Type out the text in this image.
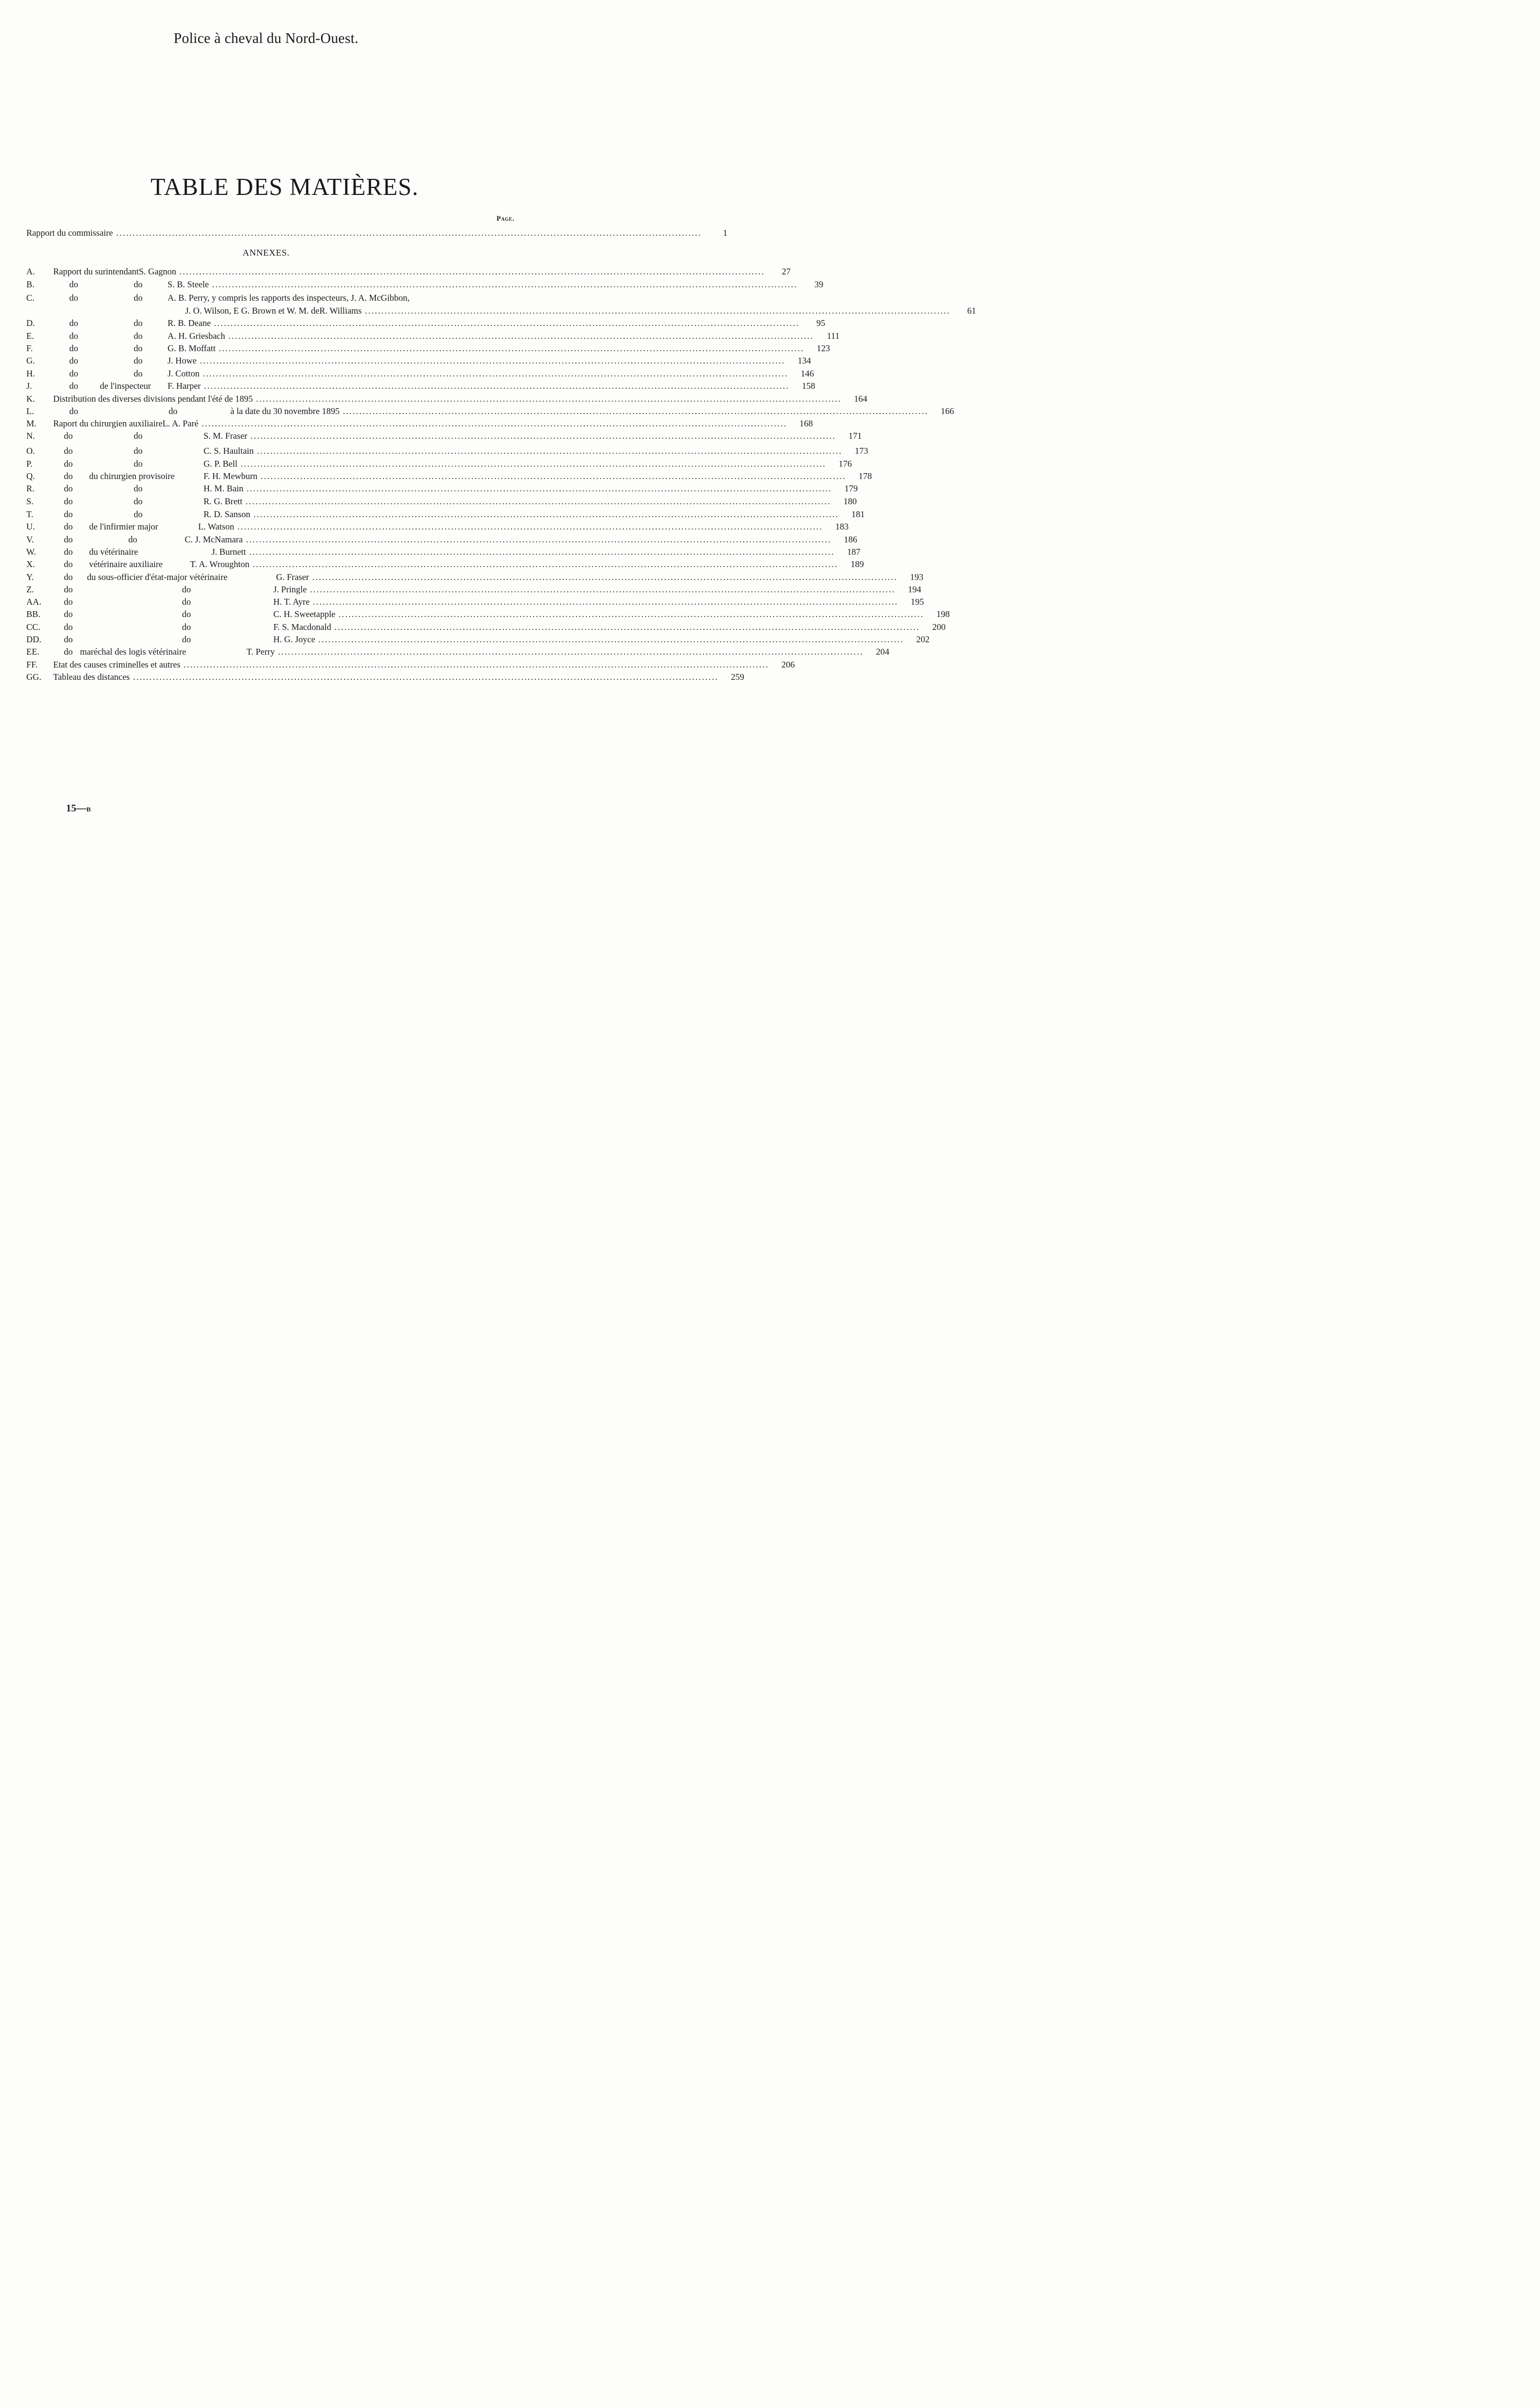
Police à cheval du Nord-Ouest.
TABLE DES MATIÈRES.
Page.
Rapport du commissaire .....	1
ANNEXES.
A.	Rapport du surintendant S. Gagnon .....	27
B.	do	do	S. B. Steele .....	39
C.	do	do	A. B. Perry, y compris les rapports des inspecteurs, J. A. McGibbon,
J. O. Wilson, E G. Brown et W. M. deR. Williams .....	61
D.	do	do	R. B. Deane .....	95
E.	do	do	A. H. Griesbach .....	111
F.	do	do	G. B. Moffatt .....	123
G.	do	do	J. Howe .....	134
H.	do	do	J. Cotton .....	146
J.	do de l'inspecteur F. Harper .....	158
K.	Distribution des diverses divisions pendant l'été de 1895 .....	164
L.	do	do	à la date du 30 novembre 1895 .....	166
M.	Raport du chirurgien auxiliaire L. A. Paré .....	168
N.	do	do	S. M. Fraser .....	171
O.	do	do	C. S. Haultain .....	173
P.	do	do	G. P. Bell .....	176
Q.	do du chirurgien provisoire	F. H. Mewburn .....	178
R.	do	do	H. M. Bain .....	179
S.	do	do	R. G. Brett .....	180
T.	do	do	R. D. Sanson .....	181
U.	do de l'infirmier major	L. Watson .....	183
V.	do	do	C. J. McNamara .....	186
W.	do du vétérinaire	J. Burnett .....	187
X.	do vétérinaire auxiliaire	T. A. Wroughton .....	189
Y.	do du sous-officier d'état-major vétérinaire	G. Fraser .....	193
Z.	do	do	J. Pringle .....	194
AA.	do	do	H. T. Ayre .....	195
BB.	do	do	C. H. Sweetapple .....	198
CC.	do	do	F. S. Macdonald .....	200
DD.	do	do	H. G. Joyce .....	202
EE.	do maréchal des logis vétérinaire	T. Perry .....	204
FF.	Etat des causes criminelles et autres .....	206
GG.	Tableau des distances .....	259
15—B
